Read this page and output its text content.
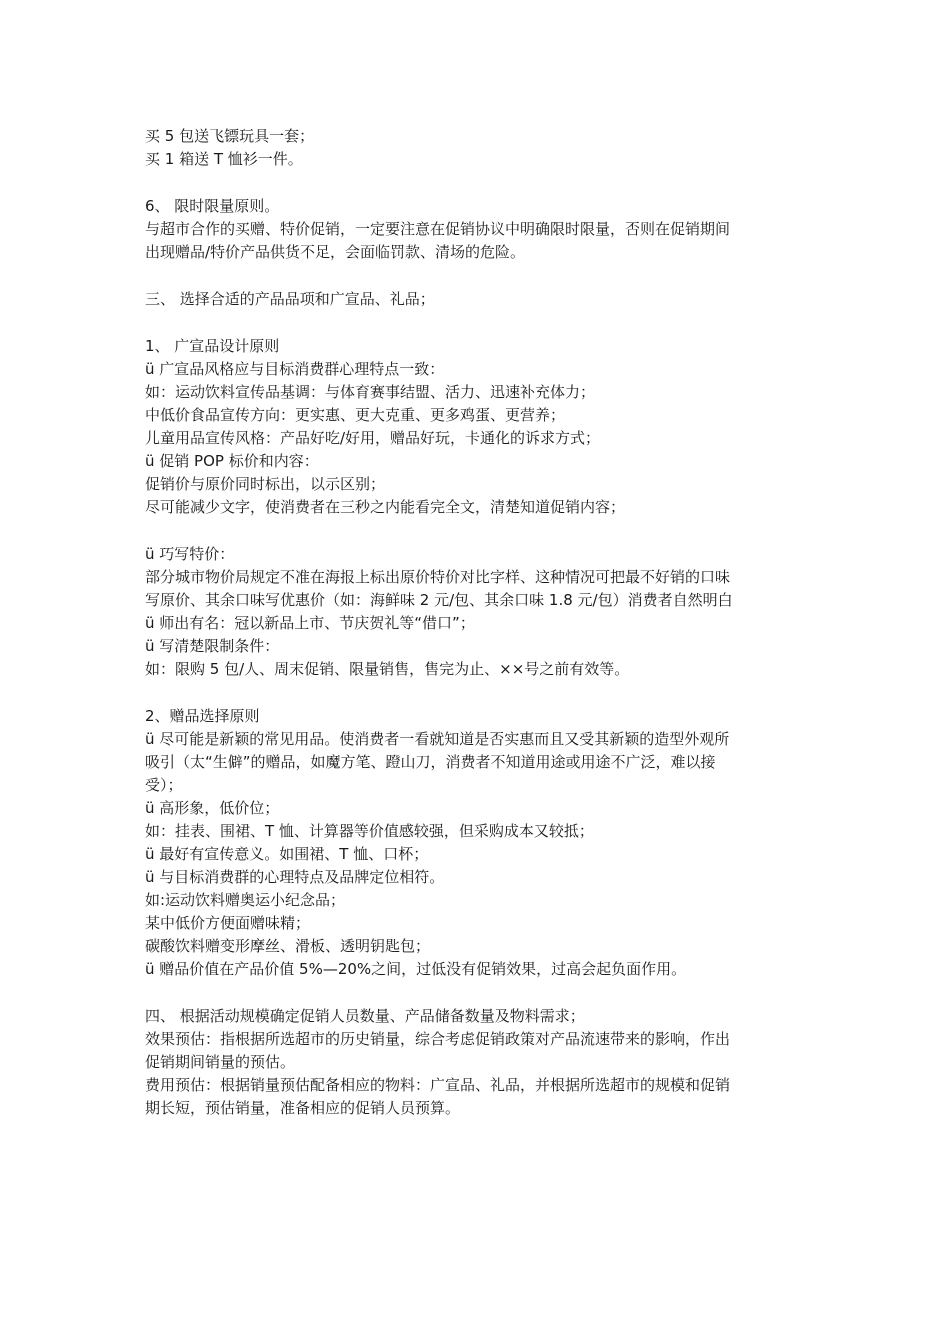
买 5 包送飞镖玩具一套；

买 1 箱送 T 恤衫一件。

6、 限时限量原则。

与超市合作的买赠、特价促销，一定要注意在促销协议中明确限时限量，否则在促销期间

出现赠品/特价产品供货不足，会面临罚款、清场的危险。

三、 选择合适的产品品项和广宣品、礼品；

1、 广宣品设计原则

ü 广宣品风格应与目标消费群心理特点一致：

如：运动饮料宣传品基调：与体育赛事结盟、活力、迅速补充体力；

中低价食品宣传方向：更实惠、更大克重、更多鸡蛋、更营养；

儿童用品宣传风格：产品好吃/好用，赠品好玩，卡通化的诉求方式；

ü 促销 POP 标价和内容：

促销价与原价同时标出，以示区别；

尽可能减少文字，使消费者在三秒之内能看完全文，清楚知道促销内容；

ü 巧写特价：

部分城市物价局规定不准在海报上标出原价特价对比字样、这种情况可把最不好销的口味

写原价、其余口味写优惠价（如：海鲜味 2 元/包、其余口味 1.8 元/包）消费者自然明白

ü 师出有名：冠以新品上市、节庆贺礼等“借口”；

ü 写清楚限制条件：

如：限购 5 包/人、周末促销、限量销售，售完为止、××号之前有效等。

2、赠品选择原则

ü 尽可能是新颖的常见用品。使消费者一看就知道是否实惠而且又受其新颖的造型外观所

吸引（太“生僻”的赠品，如魔方笔、蹬山刀，消费者不知道用途或用途不广泛，难以接

受）；

ü 高形象，低价位；

如：挂表、围裙、T 恤、计算器等价值感较强，但采购成本又较抵；

ü 最好有宣传意义。如围裙、T 恤、口杯；

ü 与目标消费群的心理特点及品牌定位相符。

如:运动饮料赠奥运小纪念品；

某中低价方便面赠味精；

碳酸饮料赠变形摩丝、滑板、透明钥匙包；

ü 赠品价值在产品价值 5%—20%之间，过低没有促销效果，过高会起负面作用。

四、 根据活动规模确定促销人员数量、产品储备数量及物料需求；

效果预估：指根据所选超市的历史销量，综合考虑促销政策对产品流速带来的影响，作出

促销期间销量的预估。

费用预估：根据销量预估配备相应的物料：广宣品、礼品，并根据所选超市的规模和促销

期长短，预估销量，准备相应的促销人员预算。
